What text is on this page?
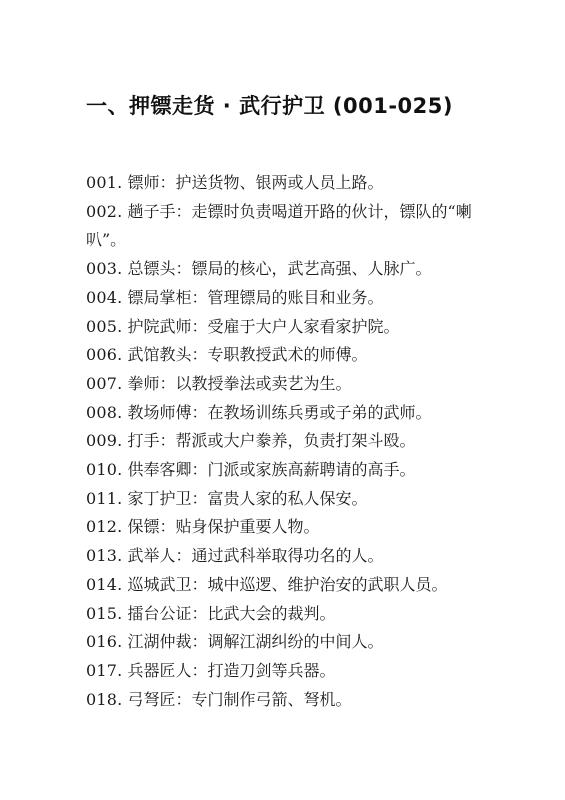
一、押镖走货 · 武行护卫 (001-025)
001. 镖师：护送货物、银两或人员上路。
002. 趟子手：走镖时负责喝道开路的伙计，镖队的“喇叭”。
003. 总镖头：镖局的核心，武艺高强、人脉广。
004. 镖局掌柜：管理镖局的账目和业务。
005. 护院武师：受雇于大户人家看家护院。
006. 武馆教头：专职教授武术的师傅。
007. 拳师：以教授拳法或卖艺为生。
008. 教场师傅：在教场训练兵勇或子弟的武师。
009. 打手：帮派或大户豢养，负责打架斗殴。
010. 供奉客卿：门派或家族高薪聘请的高手。
011. 家丁护卫：富贵人家的私人保安。
012. 保镖：贴身保护重要人物。
013. 武举人：通过武科举取得功名的人。
014. 巡城武卫：城中巡逻、维护治安的武职人员。
015. 擂台公证：比武大会的裁判。
016. 江湖仲裁：调解江湖纠纷的中间人。
017. 兵器匠人：打造刀剑等兵器。
018. 弓弩匠：专门制作弓箭、弩机。
